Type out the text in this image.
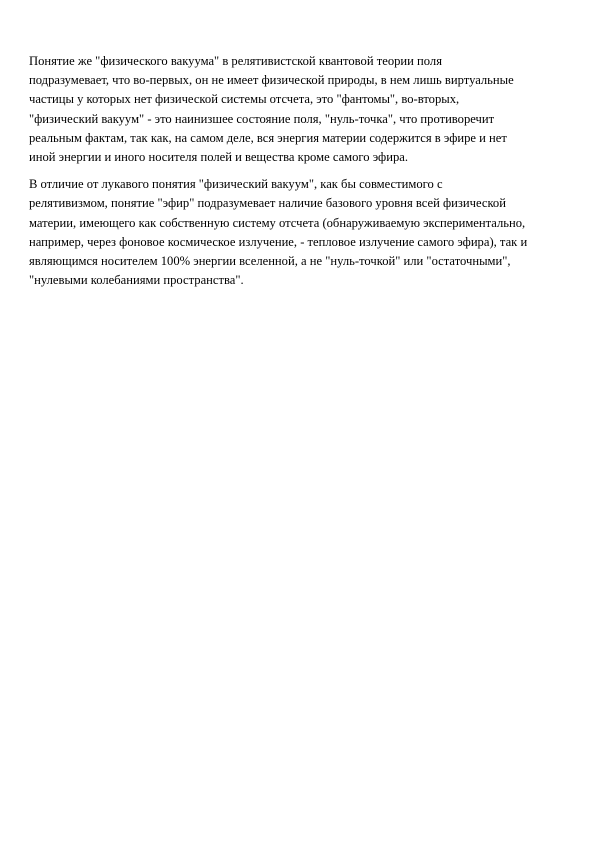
Понятие же "физического вакуума" в релятивистской квантовой теории поля
подразумевает, что во-первых, он не имеет физической природы, в нем лишь виртуальные
частицы у которых нет физической системы отсчета, это "фантомы", во-вторых,
"физический вакуум" - это наинизшее состояние поля, "нуль-точка", что противоречит
реальным фактам, так как, на самом деле, вся энергия материи содержится в эфире и нет
иной энергии и иного носителя полей и вещества кроме самого эфира.

В отличие от лукавого понятия "физический вакуум", как бы совместимого с
релятивизмом, понятие "эфир" подразумевает наличие базового уровня всей физической
материи, имеющего как собственную систему отсчета (обнаруживаемую экспериментально,
например, через фоновое космическое излучение, - тепловое излучение самого эфира), так и
являющимся носителем 100% энергии вселенной, а не "нуль-точкой" или "остаточными",
"нулевыми колебаниями пространства".
